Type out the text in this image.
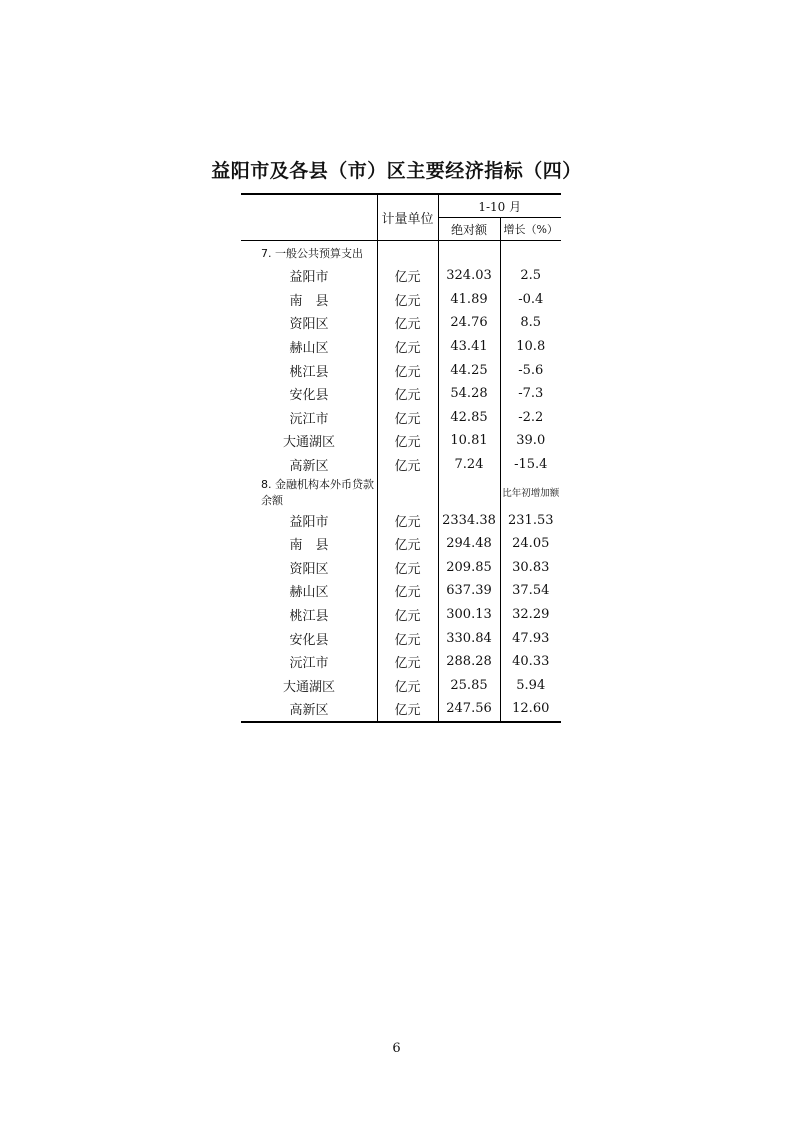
益阳市及各县（市）区主要经济指标（四）
	计量单位	1-10 月	
		绝对额	增长（%）
7. 一般公共预算支出			
益阳市	亿元	324.03	2.5
南　县	亿元	41.89	-0.4
资阳区	亿元	24.76	8.5
赫山区	亿元	43.41	10.8
桃江县	亿元	44.25	-5.6
安化县	亿元	54.28	-7.3
沅江市	亿元	42.85	-2.2
大通湖区	亿元	10.81	39.0
高新区	亿元	7.24	-15.4
8. 金融机构本外币贷款余额			比年初增加额
益阳市	亿元	2334.38	231.53
南　县	亿元	294.48	24.05
资阳区	亿元	209.85	30.83
赫山区	亿元	637.39	37.54
桃江县	亿元	300.13	32.29
安化县	亿元	330.84	47.93
沅江市	亿元	288.28	40.33
大通湖区	亿元	25.85	5.94
高新区	亿元	247.56	12.60
6
